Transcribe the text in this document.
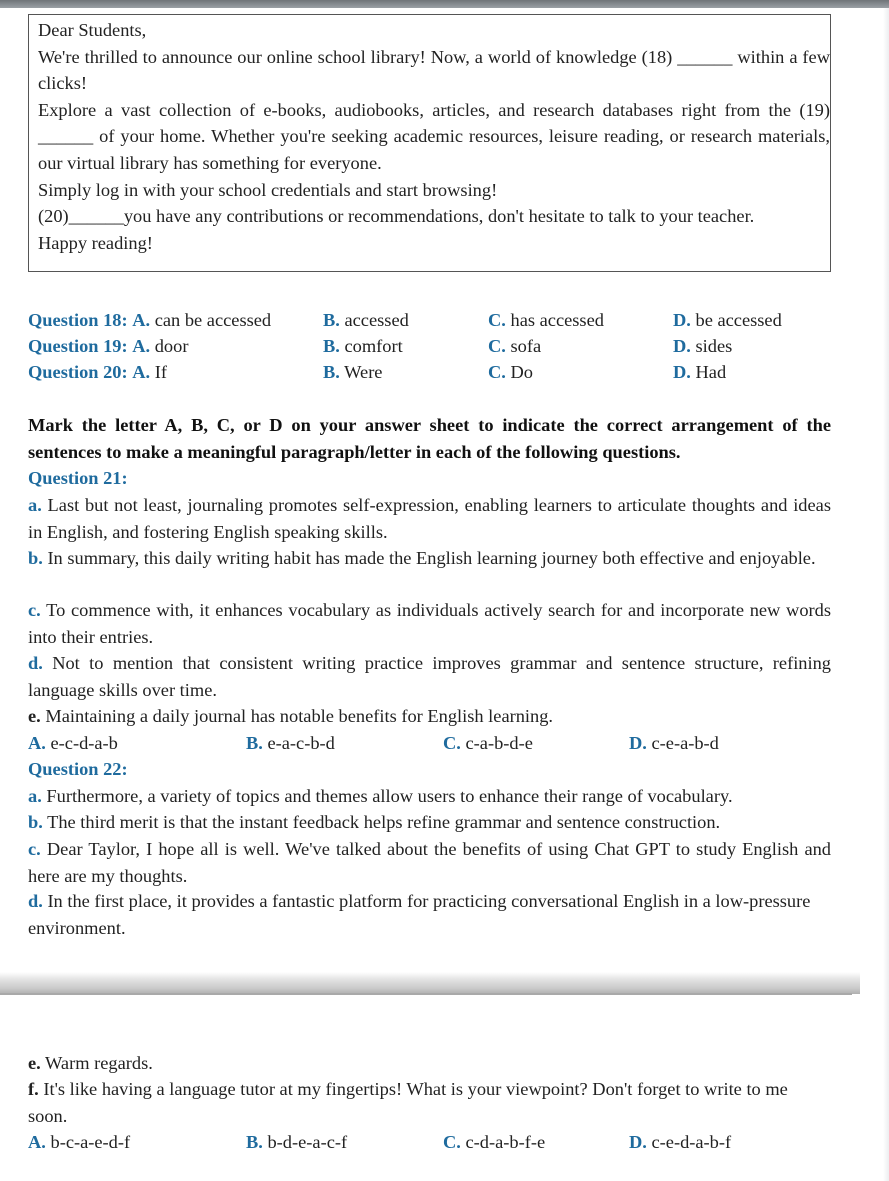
Dear Students,

We're thrilled to announce our online school library! Now, a world of knowledge (18) ______ within a few clicks!

Explore a vast collection of e-books, audiobooks, articles, and research databases right from the (19) ______ of your home. Whether you're seeking academic resources, leisure reading, or research materials, our virtual library has something for everyone.

Simply log in with your school credentials and start browsing!

(20)______you have any contributions or recommendations, don't hesitate to talk to your teacher.

Happy reading!

Question 18: A. can be accessed	B. accessed	C. has accessed	D. be accessed
Question 19: A. door	B. comfort	C. sofa	D. sides
Question 20: A. If	B. Were	C. Do	D. Had

Mark the letter A, B, C, or D on your answer sheet to indicate the correct arrangement of the sentences to make a meaningful paragraph/letter in each of the following questions.

Question 21:

a. Last but not least, journaling promotes self-expression, enabling learners to articulate thoughts and ideas in English, and fostering English speaking skills.

b. In summary, this daily writing habit has made the English learning journey both effective and enjoyable.

c. To commence with, it enhances vocabulary as individuals actively search for and incorporate new words into their entries.

d. Not to mention that consistent writing practice improves grammar and sentence structure, refining language skills over time.

e. Maintaining a daily journal has notable benefits for English learning.

A. e-c-d-a-b	B. e-a-c-b-d	C. c-a-b-d-e	D. c-e-a-b-d
Question 22:

a. Furthermore, a variety of topics and themes allow users to enhance their range of vocabulary.

b. The third merit is that the instant feedback helps refine grammar and sentence construction.

c. Dear Taylor, I hope all is well. We've talked about the benefits of using Chat GPT to study English and here are my thoughts.

d. In the first place, it provides a fantastic platform for practicing conversational English in a low-pressure environment.

e. Warm regards.

f. It's like having a language tutor at my fingertips! What is your viewpoint? Don't forget to write to me soon.

A. b-c-a-e-d-f	B. b-d-e-a-c-f	C. c-d-a-b-f-e	D. c-e-d-a-b-f
